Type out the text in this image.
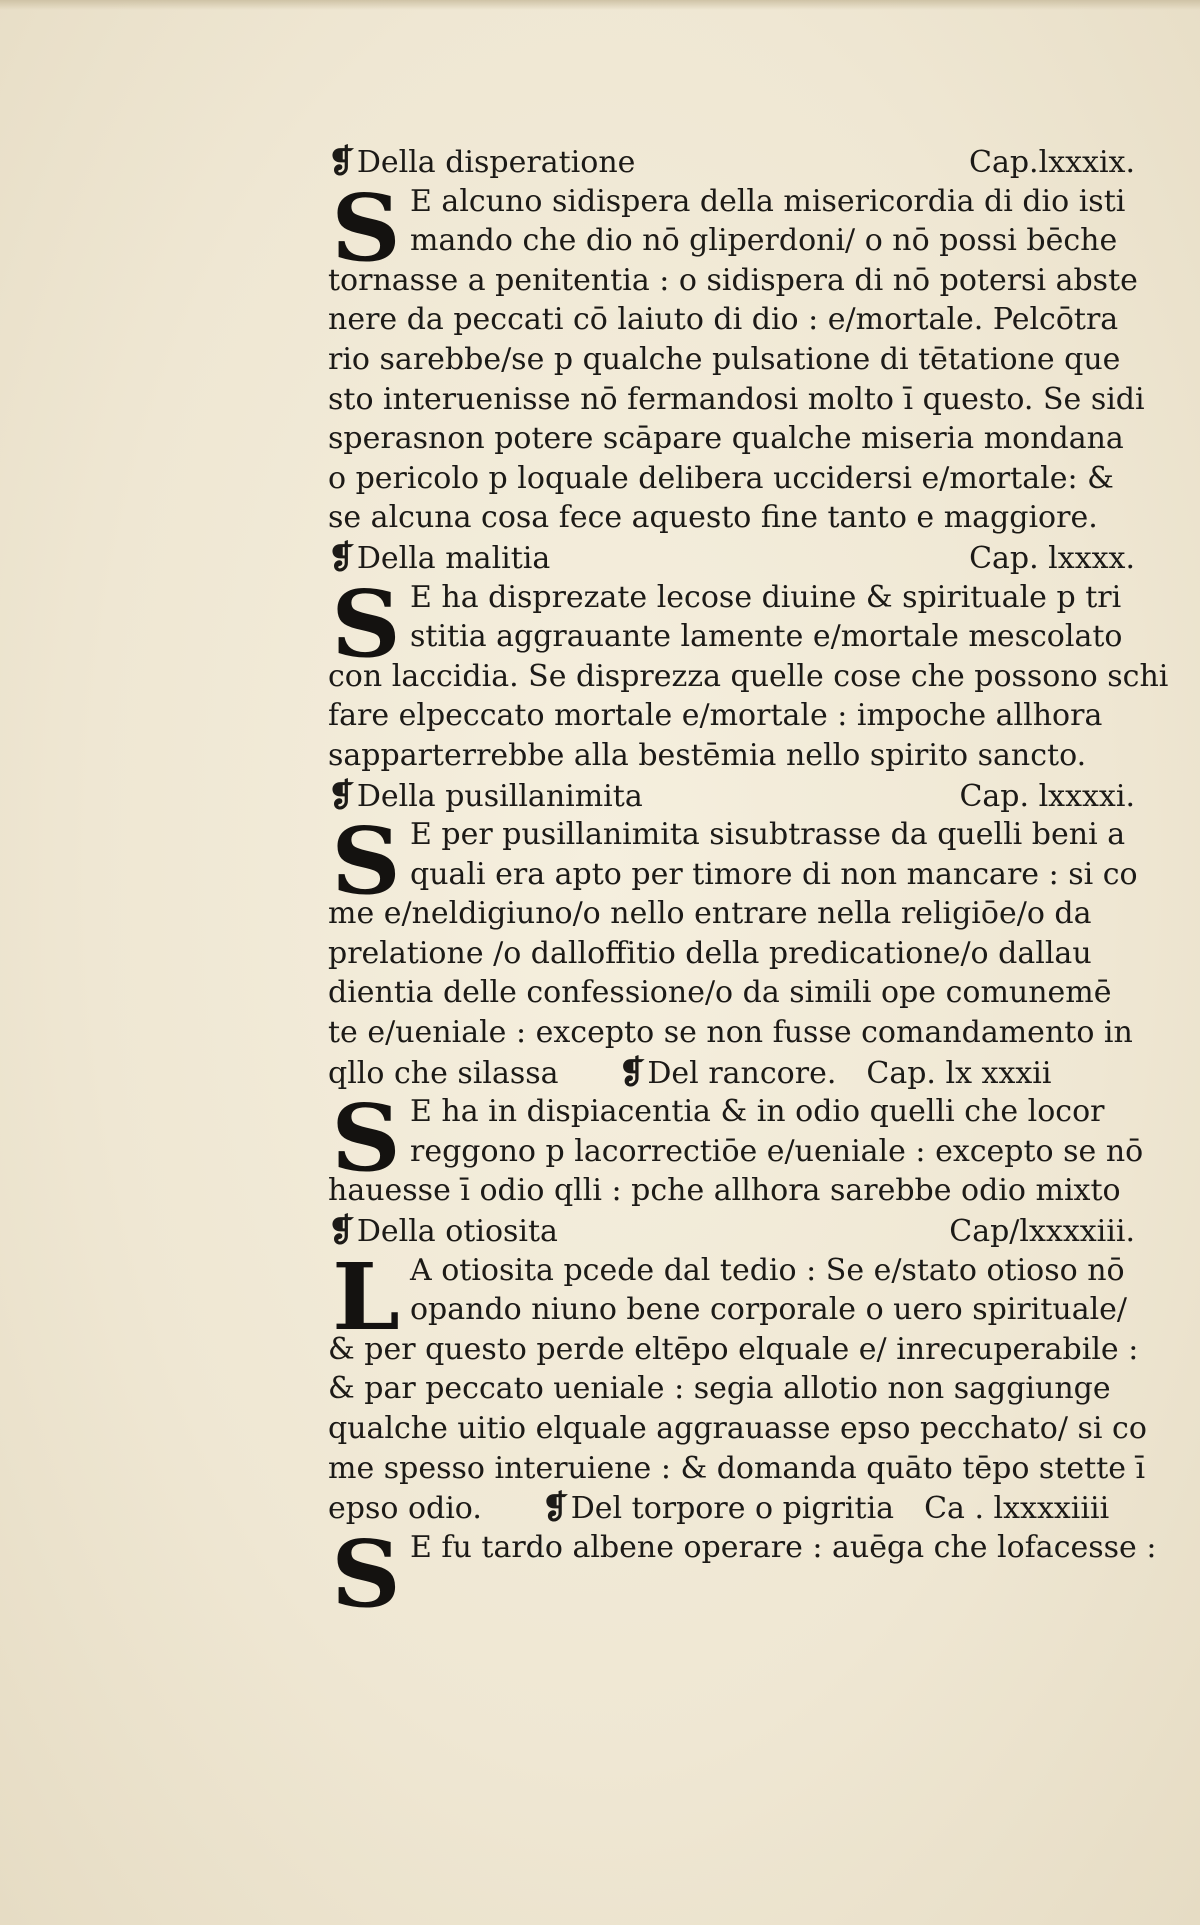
❡Della disperatione	Cap.lxxxix.
S E alcuno sidispera della misericordia di dio isti
mando che dio nō gliperdoni/ o nō possi bēche
tornasse a penitentia : o sidispera di nō potersi abste
nere da peccati cō laiuto di dio : e/mortale. Pelcōtra
rio sarebbe/se p qualche pulsatione di tētatione que
sto interuenisse nō fermandosi molto ī questo. Se sidi
sperasnon potere scāpare qualche miseria mondana
o pericolo p loquale delibera uccidersi e/mortale: &
se alcuna cosa fece aquesto fine tanto e maggiore.
❡Della malitia	Cap. lxxxx.
S E ha disprezate lecose diuine & spirituale p tri
stitia aggrauante lamente e/mortale mescolato
con laccidia. Se disprezza quelle cose che possono schi
fare elpeccato mortale e/mortale : impoche allhora
sapparterrebbe alla bestēmia nello spirito sancto.
❡Della pusillanimita	Cap. lxxxxi.
S E per pusillanimita sisubtrasse da quelli beni a
quali era apto per timore di non mancare : si co
me e/neldigiuno/o nello entrare nella religiōe/o da
prelatione /o dalloffitio della predicatione/o dallau
dientia delle confessione/o da simili ope comunemē
te e/ueniale : excepto se non fusse comandamento in
qllo che silassa ❡Del rancore. Cap. lx xxxii
S E ha in dispiacentia & in odio quelli che locor
reggono p lacorrectiōe e/ueniale : excepto se nō
hauesse ī odio qlli : pche allhora sarebbe odio mixto
❡Della otiosita	Cap/lxxxxiii.
L A otiosita pcede dal tedio : Se e/stato otioso nō
opando niuno bene corporale o uero spirituale/
& per questo perde eltēpo elquale e/ inrecuperabile :
& par peccato ueniale : segia allotio non saggiunge
qualche uitio elquale aggrauasse epso pecchato/ si co
me spesso interuiene : & domanda quāto tēpo stette ī
epso odio. ❡Del torpore o pigritia Ca . lxxxxiiii
S E fu tardo albene operare : auēga che lofacesse :
